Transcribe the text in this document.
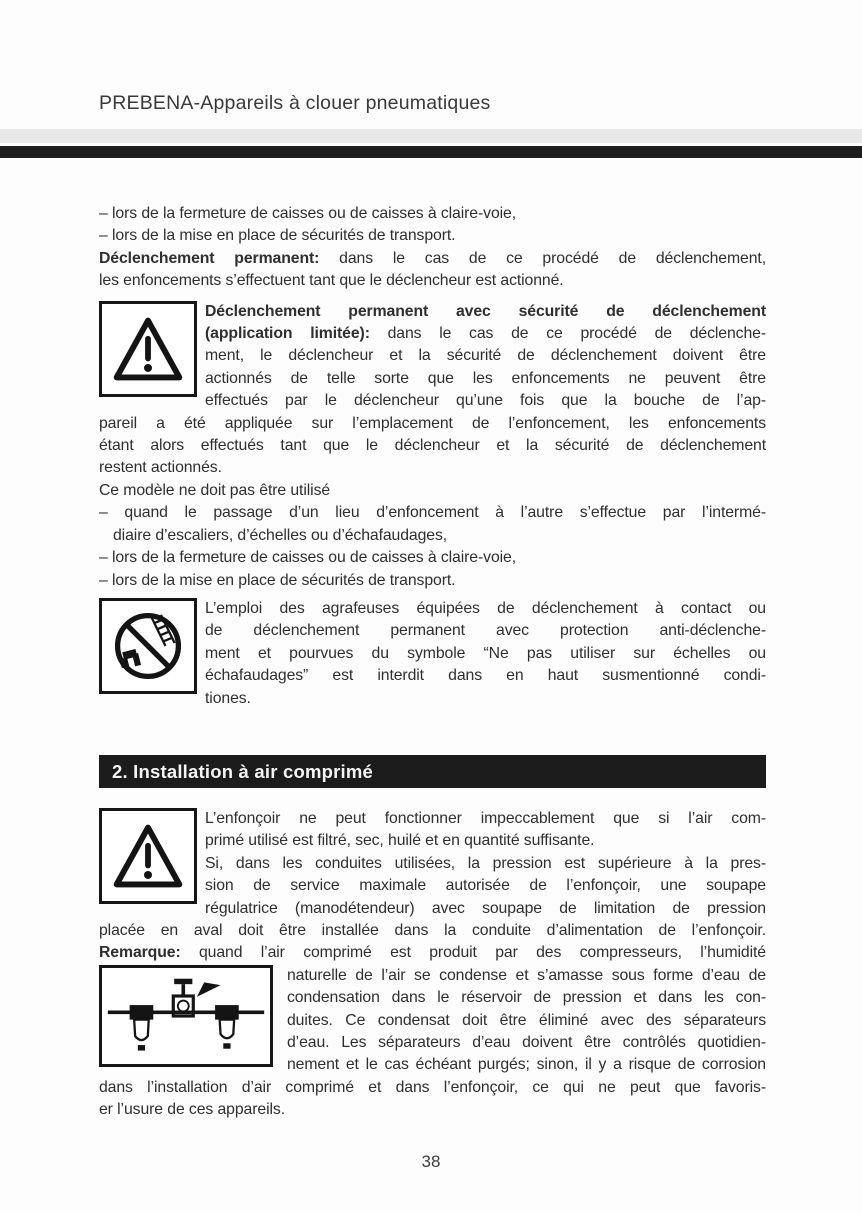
PREBENA-Appareils à clouer pneumatiques
– lors de la fermeture de caisses ou de caisses à claire-voie,
– lors de la mise en place de sécurités de transport.
Déclenchement permanent: dans le cas de ce procédé de déclenchement,
les enfoncements s’effectuent tant que le déclencheur est actionné.
Déclenchement permanent avec sécurité de déclenchement
(application limitée): dans le cas de ce procédé de déclenche-
ment, le déclencheur et la sécurité de déclenchement doivent être
actionnés de telle sorte que les enfoncements ne peuvent être
effectués par le déclencheur qu’une fois que la bouche de l’ap-
pareil a été appliquée sur l’emplacement de l’enfoncement, les enfoncements
étant alors effectués tant que le déclencheur et la sécurité de déclenchement
restent actionnés.
Ce modèle ne doit pas être utilisé
– quand le passage d’un lieu d’enfoncement à l’autre s’effectue par l’intermé-
diaire d’escaliers, d’échelles ou d’échafaudages,
– lors de la fermeture de caisses ou de caisses à claire-voie,
– lors de la mise en place de sécurités de transport.
L’emploi des agrafeuses équipées de déclenchement à contact ou
de déclenchement permanent avec protection anti-déclenche-
ment et pourvues du symbole “Ne pas utiliser sur échelles ou
échafaudages” est interdit dans en haut susmentionné condi-
tiones.
2. Installation à air comprimé
L’enfonçoir ne peut fonctionner impeccablement que si l’air com-
primé utilisé est filtré, sec, huilé et en quantité suffisante.
Si, dans les conduites utilisées, la pression est supérieure à la pres-
sion de service maximale autorisée de l’enfonçoir, une soupape
régulatrice (manodétendeur) avec soupape de limitation de pression
placée en aval doit être installée dans la conduite d’alimentation de l’enfonçoir.
Remarque: quand l’air comprimé est produit par des compresseurs, l’humidité
naturelle de l’air se condense et s’amasse sous forme d’eau de
condensation dans le réservoir de pression et dans les con-
duites. Ce condensat doit être éliminé avec des séparateurs
d’eau. Les séparateurs d’eau doivent être contrôlés quotidien-
nement et le cas échéant purgés; sinon, il y a risque de corrosion
dans l’installation d’air comprimé et dans l’enfonçoir, ce qui ne peut que favoris-
er l’usure de ces appareils.
38
